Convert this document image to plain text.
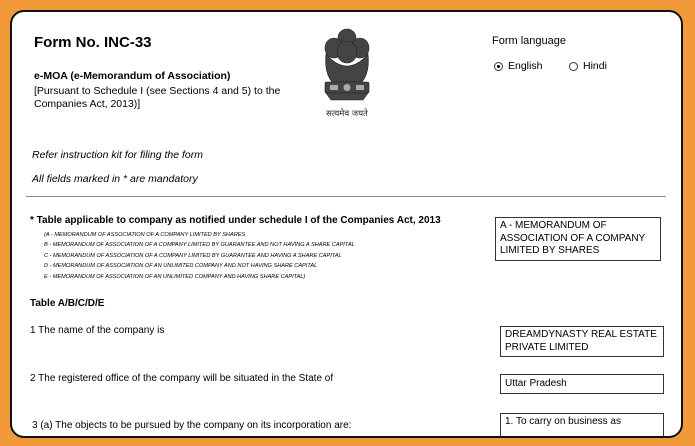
Form No. INC-33
e-MOA (e-Memorandum of Association)
[Pursuant to Schedule I (see Sections 4 and 5) to the Companies Act, 2013)]
सत्यमेव जयते
Form language
English	Hindi
Refer instruction kit for filing the form
All fields marked in * are mandatory
* Table applicable to company as notified under schedule I of the Companies Act, 2013
(A - MEMORANDUM OF ASSOCIATION OF A COMPANY LIMITED BY SHARES
B - MEMORANDUM OF ASSOCIATION OF A COMPANY LIMITED BY GUARANTEE AND NOT HAVING A SHARE CAPITAL
C - MEMORANDUM OF ASSOCIATION OF A COMPANY LIMITED BY GUARANTEE AND HAVING A SHARE CAPITAL
D - MEMORANDUM OF ASSOCIATION OF AN UNLIMITED COMPANY AND NOT HAVING SHARE CAPITAL
E - MEMORANDUM OF ASSOCIATION OF AN UNLIMITED COMPANY AND HAVING SHARE CAPITAL)
A - MEMORANDUM OF ASSOCIATION OF A COMPANY LIMITED BY SHARES
Table A/B/C/D/E
1 The name of the company is	DREAMDYNASTY REAL ESTATE PRIVATE LIMITED
2 The registered office of the company will be situated in the State of	Uttar Pradesh
3 (a) The objects to be pursued by the company on its incorporation are:	1. To carry on business as
